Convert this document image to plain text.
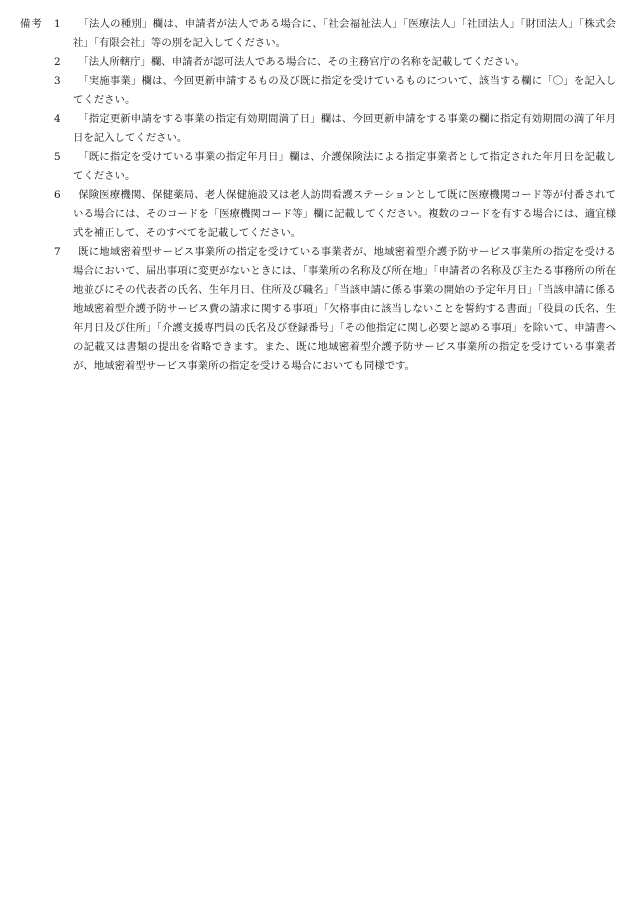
備考	1	「法人の種別」欄は、申請者が法人である場合に、「社会福祉法人」「医療法人」「社団法人」「財団法人」「株式会社」「有限会社」等の別を記入してください。
2	「法人所轄庁」欄、申請者が認可法人である場合に、その主務官庁の名称を記載してください。
3	「実施事業」欄は、今回更新申請するもの及び既に指定を受けているものについて、該当する欄に「〇」を記入してください。
4	「指定更新申請をする事業の指定有効期間満了日」欄は、今回更新申請をする事業の欄に指定有効期間の満了年月日を記入してください。
5	「既に指定を受けている事業の指定年月日」欄は、介護保険法による指定事業者として指定された年月日を記載してください。
6	保険医療機関、保健薬局、老人保健施設又は老人訪問看護ステーションとして既に医療機関コード等が付番されている場合には、そのコードを「医療機関コード等」欄に記載してください。複数のコードを有する場合には、適宜様式を補正して、そのすべてを記載してください。
7	既に地域密着型サービス事業所の指定を受けている事業者が、地域密着型介護予防サービス事業所の指定を受ける場合において、届出事項に変更がないときには、「事業所の名称及び所在地」「申請者の名称及び主たる事務所の所在地並びにその代表者の氏名、生年月日、住所及び職名」「当該申請に係る事業の開始の予定年月日」「当該申請に係る地域密着型介護予防サービス費の請求に関する事項」「欠格事由に該当しないことを誓約する書面」「役員の氏名、生年月日及び住所」「介護支援専門員の氏名及び登録番号」「その他指定に関し必要と認める事項」を除いて、申請書への記載又は書類の提出を省略できます。また、既に地域密着型介護予防サービス事業所の指定を受けている事業者が、地域密着型サービス事業所の指定を受ける場合においても同様です。
